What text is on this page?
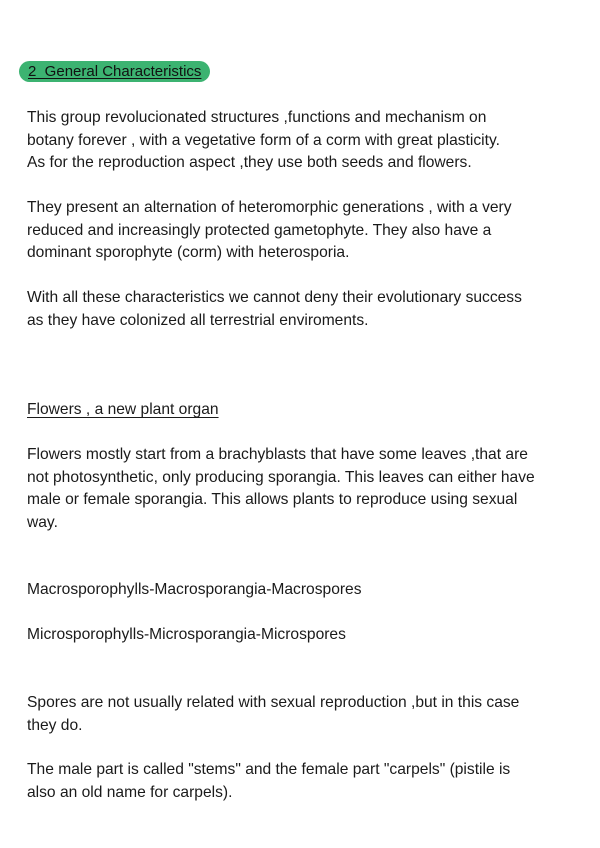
2_General Characteristics

This group revolucionated structures ,functions and mechanism on
botany forever , with a vegetative form of a corm with great plasticity.
As for the reproduction aspect ,they use both seeds and flowers.

They present an alternation of heteromorphic generations , with a very
reduced and increasingly protected gametophyte. They also have a
dominant sporophyte (corm) with heterosporia.

With all these characteristics we cannot deny their evolutionary success
as they have colonized all terrestrial enviroments.

Flowers , a new plant organ

Flowers mostly start from a brachyblasts that have some leaves ,that are
not photosynthetic, only producing sporangia. This leaves can either have
male or female sporangia. This allows plants to reproduce using sexual
way.

Macrosporophylls-Macrosporangia-Macrospores

Microsporophylls-Microsporangia-Microspores

Spores are not usually related with sexual reproduction ,but in this case
they do.

The male part is called "stems" and the female part "carpels" (pistile is
also an old name for carpels).
